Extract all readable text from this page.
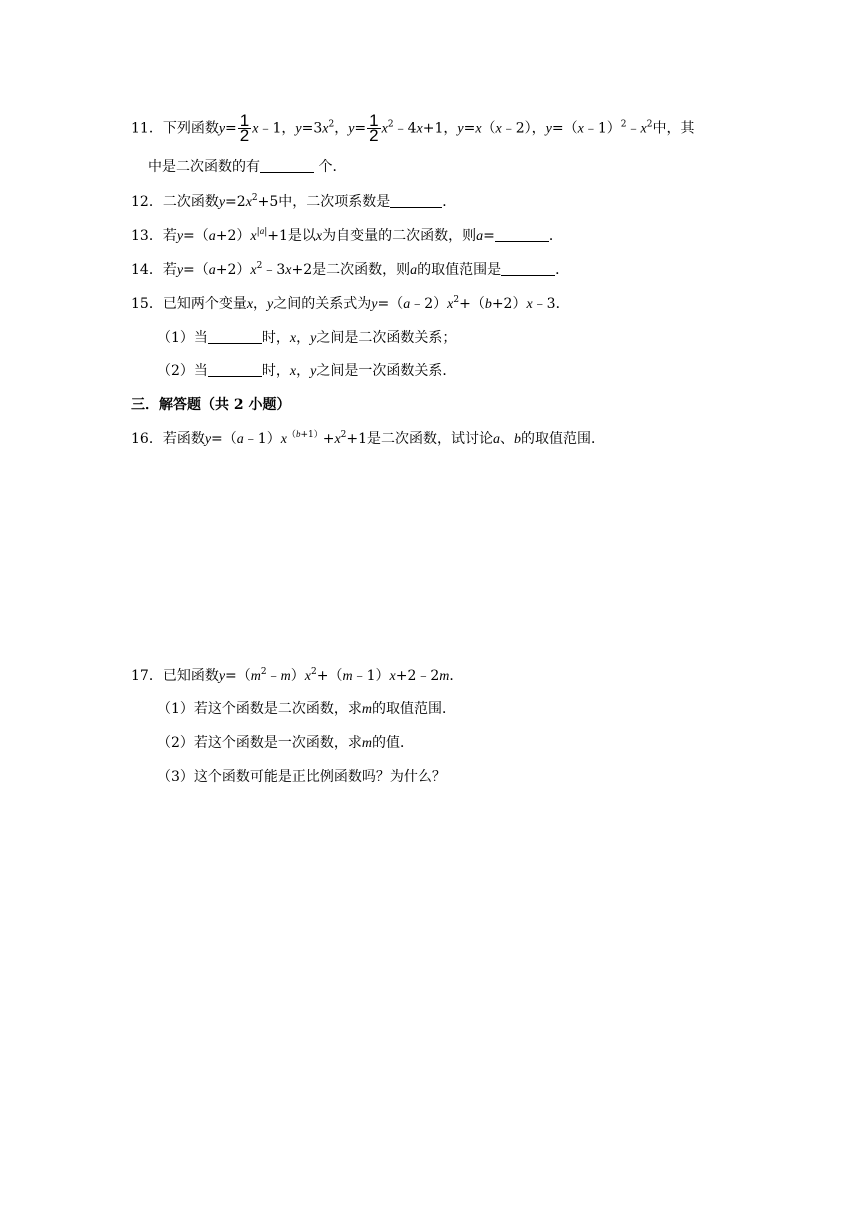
11．下列函数$y= \frac{1}{2}$ x﹣1，$y=3x^2$，$y= \frac{1}{2}$ $x^2﹣4x+1$，y=x（x﹣2），$y=(x﹣1)^2﹣x^2$中，其
中是二次函数的有	个．
12．二次函数$y=2x^2+5$中，二次项系数是	．
13．若$y=(a+2)x^{|a|}+1$是以x为自变量的二次函数，则a=	．
14．若$y=(a+2)x^2﹣3x+2$是二次函数，则a的取值范围是	．
15．已知两个变量x，y之间的关系式为$y=(a﹣2)x^2+(b+2)x﹣3$．
（1）当	时，x，y之间是二次函数关系；
（2）当	时，x，y之间是一次函数关系．
三．解答题（共 2 小题）
16．若函数$y=(a﹣1)x^{(b+1)}+x^2+1$是二次函数，试讨论a、b的取值范围．
17．已知函数$y=(m^2﹣m)x^2+(m﹣1)x+2﹣2m$．
（1）若这个函数是二次函数，求m的取值范围．
（2）若这个函数是一次函数，求m的值．
（3）这个函数可能是正比例函数吗？为什么？
